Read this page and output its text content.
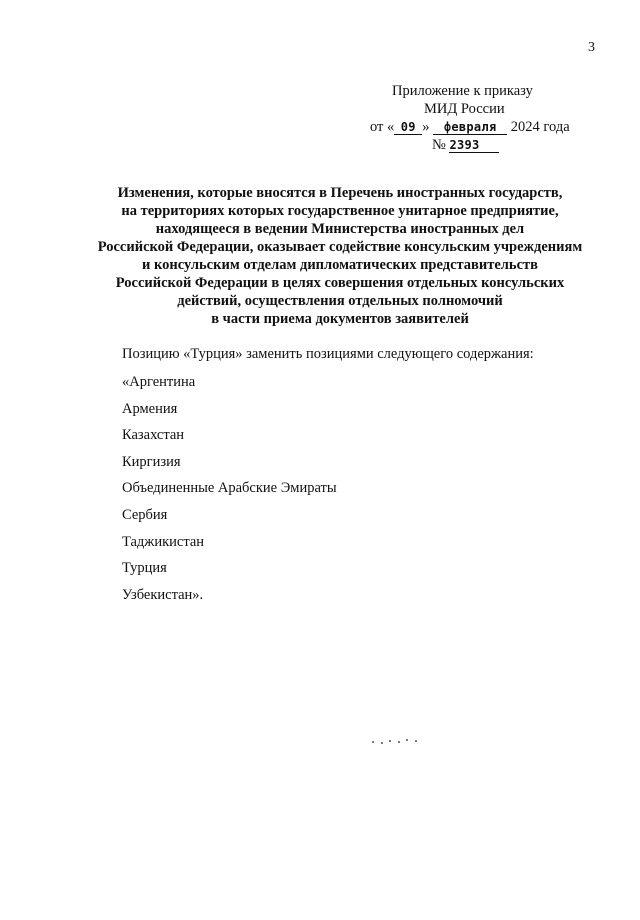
3
Приложение к приказу
МИД России
от « 09 » февраля 2024 года
№ 2393
Изменения, которые вносятся в Перечень иностранных государств,
на территориях которых государственное унитарное предприятие,
находящееся в ведении Министерства иностранных дел
Российской Федерации, оказывает содействие консульским учреждениям
и консульским отделам дипломатических представительств
Российской Федерации в целях совершения отдельных консульских
действий, осуществления отдельных полномочий
в части приема документов заявителей
Позицию «Турция» заменить позициями следующего содержания:
«Аргентина
Армения
Казахстан
Киргизия
Объединенные Арабские Эмираты
Сербия
Таджикистан
Турция
Узбекистан».
